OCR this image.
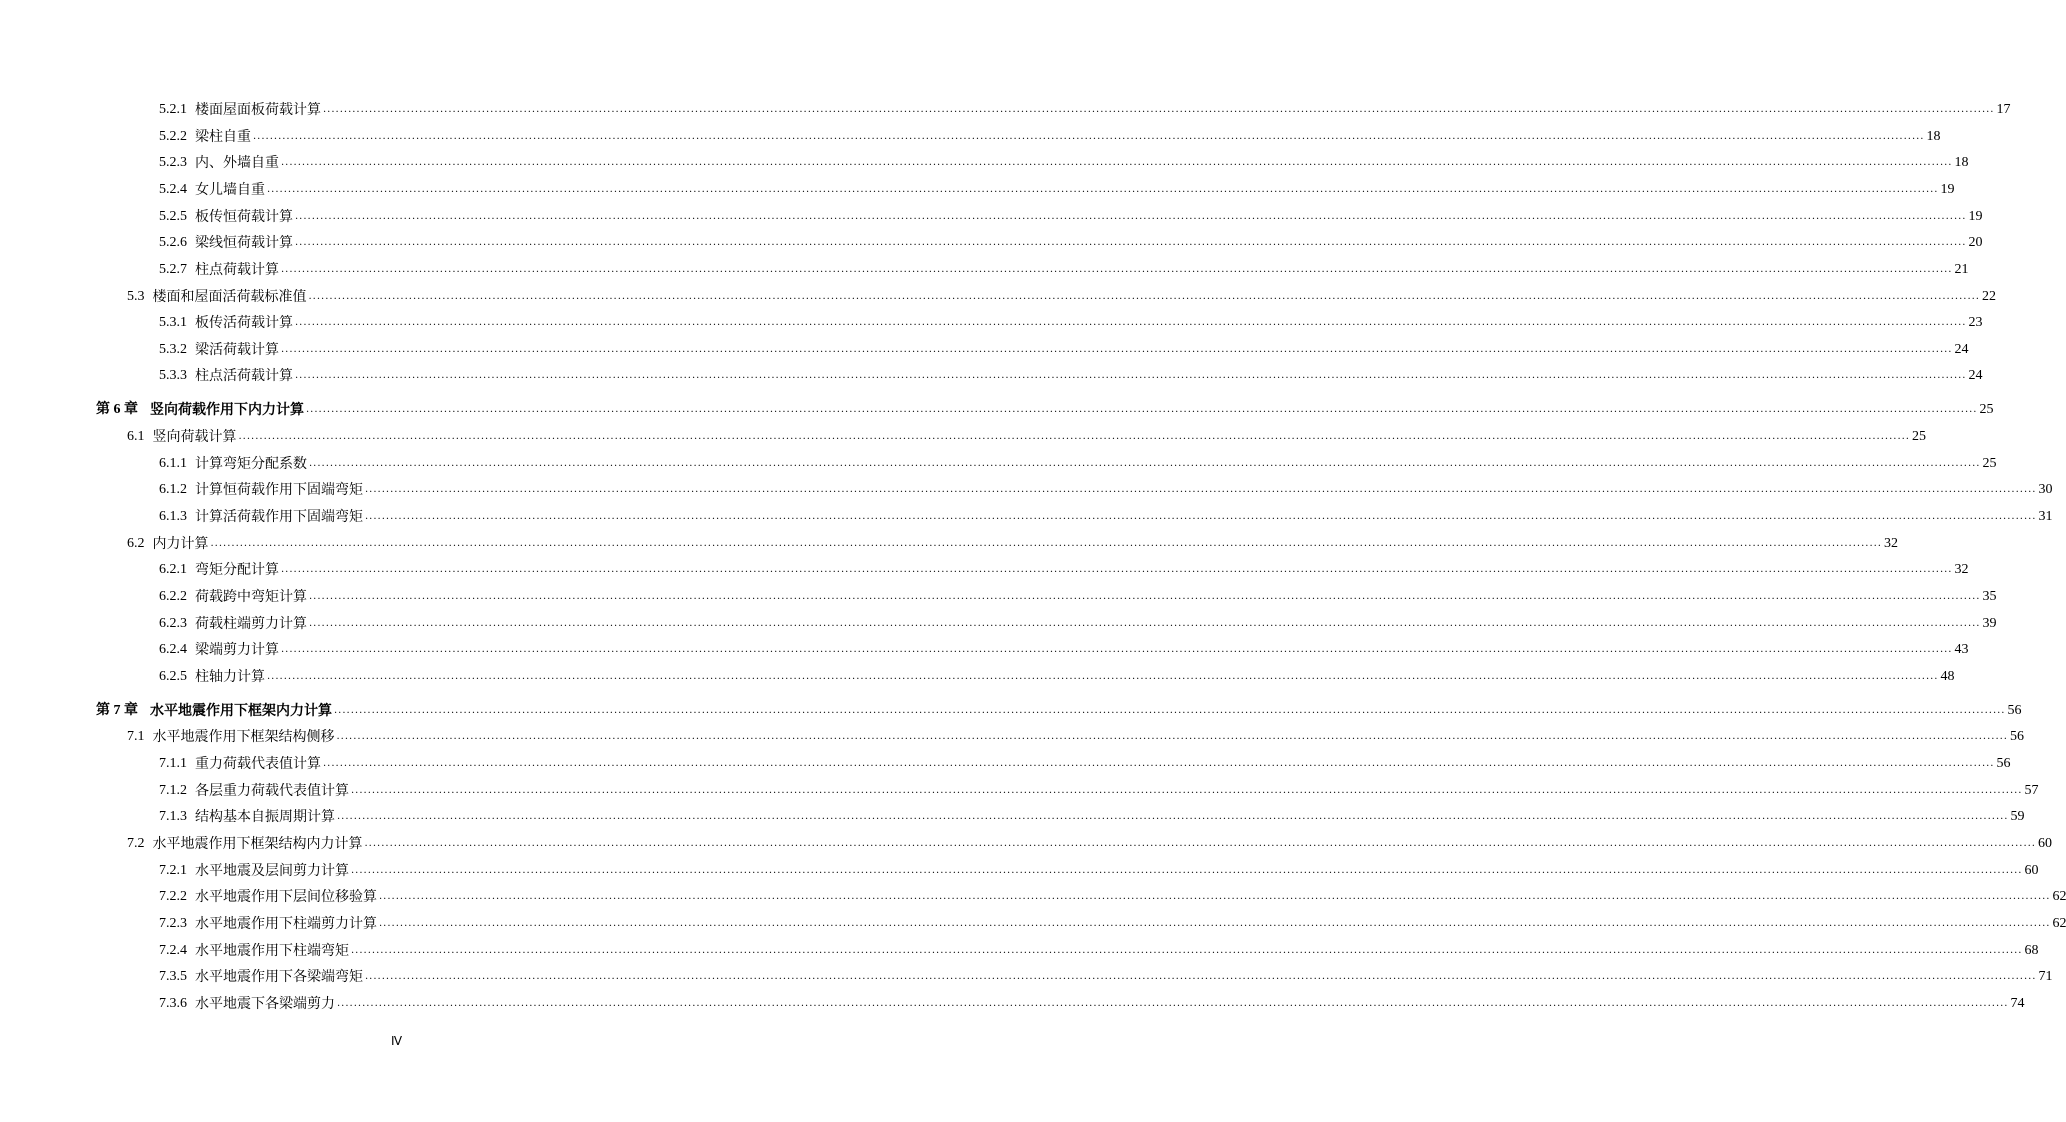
5.2.1 楼面屋面板荷载计算 ................................................................................................................................................................................................................................................................................................................................................................................................................ 17
5.2.2 梁柱自重 ................................................................................................................................................................................................................................................................................................................................................................................................................ 18
5.2.3 内、外墙自重 ................................................................................................................................................................................................................................................................................................................................................................................................................ 18
5.2.4 女儿墙自重 ................................................................................................................................................................................................................................................................................................................................................................................................................ 19
5.2.5 板传恒荷载计算 ................................................................................................................................................................................................................................................................................................................................................................................................................ 19
5.2.6 梁线恒荷载计算 ................................................................................................................................................................................................................................................................................................................................................................................................................ 20
5.2.7 柱点荷载计算 ................................................................................................................................................................................................................................................................................................................................................................................................................ 21
5.3 楼面和屋面活荷载标准值 ................................................................................................................................................................................................................................................................................................................................................................................................................ 22
5.3.1 板传活荷载计算 ................................................................................................................................................................................................................................................................................................................................................................................................................ 23
5.3.2 梁活荷载计算 ................................................................................................................................................................................................................................................................................................................................................................................................................ 24
5.3.3 柱点活荷载计算 ................................................................................................................................................................................................................................................................................................................................................................................................................ 24
第 6 章 竖向荷载作用下内力计算 ................................................................................................................................................................................................................................................................................................................................................................................................................ 25
6.1 竖向荷载计算 ................................................................................................................................................................................................................................................................................................................................................................................................................ 25
6.1.1 计算弯矩分配系数 ................................................................................................................................................................................................................................................................................................................................................................................................................ 25
6.1.2 计算恒荷载作用下固端弯矩 ................................................................................................................................................................................................................................................................................................................................................................................................................ 30
6.1.3 计算活荷载作用下固端弯矩 ................................................................................................................................................................................................................................................................................................................................................................................................................ 31
6.2 内力计算 ................................................................................................................................................................................................................................................................................................................................................................................................................ 32
6.2.1 弯矩分配计算 ................................................................................................................................................................................................................................................................................................................................................................................................................ 32
6.2.2 荷载跨中弯矩计算 ................................................................................................................................................................................................................................................................................................................................................................................................................ 35
6.2.3 荷载柱端剪力计算 ................................................................................................................................................................................................................................................................................................................................................................................................................ 39
6.2.4 梁端剪力计算 ................................................................................................................................................................................................................................................................................................................................................................................................................ 43
6.2.5 柱轴力计算 ................................................................................................................................................................................................................................................................................................................................................................................................................ 48
第 7 章 水平地震作用下框架内力计算 ................................................................................................................................................................................................................................................................................................................................................................................................................ 56
7.1 水平地震作用下框架结构侧移 ................................................................................................................................................................................................................................................................................................................................................................................................................ 56
7.1.1 重力荷载代表值计算 ................................................................................................................................................................................................................................................................................................................................................................................................................ 56
7.1.2 各层重力荷载代表值计算 ................................................................................................................................................................................................................................................................................................................................................................................................................ 57
7.1.3 结构基本自振周期计算 ................................................................................................................................................................................................................................................................................................................................................................................................................ 59
7.2 水平地震作用下框架结构内力计算 ................................................................................................................................................................................................................................................................................................................................................................................................................ 60
7.2.1 水平地震及层间剪力计算 ................................................................................................................................................................................................................................................................................................................................................................................................................ 60
7.2.2 水平地震作用下层间位移验算 ................................................................................................................................................................................................................................................................................................................................................................................................................ 62
7.2.3 水平地震作用下柱端剪力计算 ................................................................................................................................................................................................................................................................................................................................................................................................................ 62
7.2.4 水平地震作用下柱端弯矩 ................................................................................................................................................................................................................................................................................................................................................................................................................ 68
7.3.5 水平地震作用下各梁端弯矩 ................................................................................................................................................................................................................................................................................................................................................................................................................ 71
7.3.6 水平地震下各梁端剪力 ................................................................................................................................................................................................................................................................................................................................................................................................................ 74
Ⅳ
